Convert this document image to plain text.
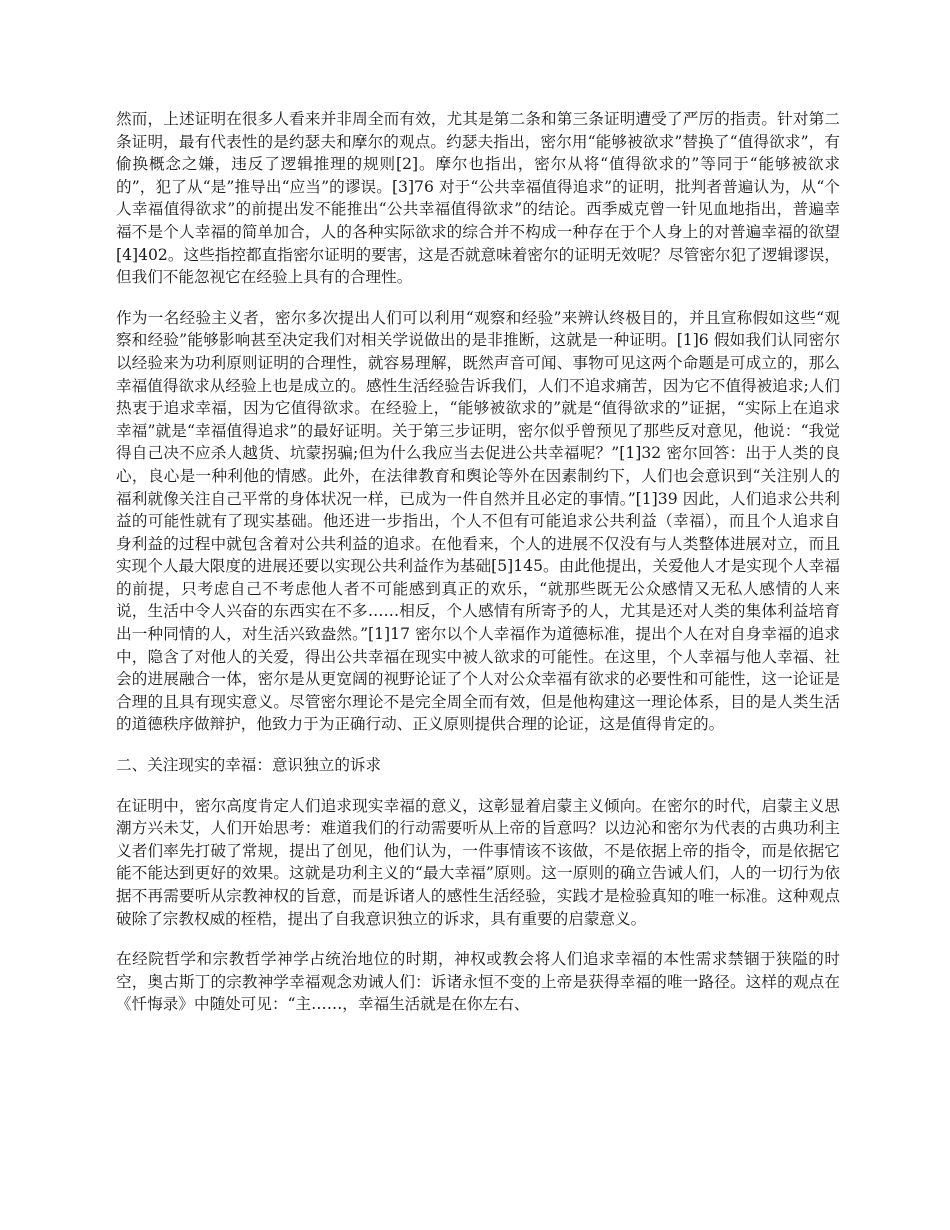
然而，上述证明在很多人看来并非周全而有效，尤其是第二条和第三条证明遭受了严厉的指责。针对第二条证明，最有代表性的是约瑟夫和摩尔的观点。约瑟夫指出，密尔用“能够被欲求”替换了“值得欲求”，有偷换概念之嫌，违反了逻辑推理的规则[2]。摩尔也指出，密尔从将“值得欲求的”等同于“能够被欲求的”，犯了从“是”推导出“应当”的谬误。[3]76 对于“公共幸福值得追求”的证明，批判者普遍认为，从“个人幸福值得欲求”的前提出发不能推出“公共幸福值得欲求”的结论。西季威克曾一针见血地指出，普遍幸福不是个人幸福的简单加合，人的各种实际欲求的综合并不构成一种存在于个人身上的对普遍幸福的欲望[4]402。这些指控都直指密尔证明的要害，这是否就意味着密尔的证明无效呢？尽管密尔犯了逻辑谬误，但我们不能忽视它在经验上具有的合理性。

作为一名经验主义者，密尔多次提出人们可以利用“观察和经验”来辨认终极目的，并且宣称假如这些“观察和经验”能够影响甚至决定我们对相关学说做出的是非推断，这就是一种证明。[1]6 假如我们认同密尔以经验来为功利原则证明的合理性，就容易理解，既然声音可闻、事物可见这两个命题是可成立的，那么幸福值得欲求从经验上也是成立的。感性生活经验告诉我们，人们不追求痛苦，因为它不值得被追求;人们热衷于追求幸福，因为它值得欲求。在经验上，“能够被欲求的”就是“值得欲求的”证据，“实际上在追求幸福”就是“幸福值得追求”的最好证明。关于第三步证明，密尔似乎曾预见了那些反对意见，他说：“我觉得自己决不应杀人越货、坑蒙拐骗;但为什么我应当去促进公共幸福呢？”[1]32 密尔回答：出于人类的良心，良心是一种利他的情感。此外，在法律教育和舆论等外在因素制约下，人们也会意识到“关注别人的福利就像关注自己平常的身体状况一样，已成为一件自然并且必定的事情。”[1]39 因此，人们追求公共利益的可能性就有了现实基础。他还进一步指出，个人不但有可能追求公共利益（幸福），而且个人追求自身利益的过程中就包含着对公共利益的追求。在他看来，个人的进展不仅没有与人类整体进展对立，而且实现个人最大限度的进展还要以实现公共利益作为基础[5]145。由此他提出，关爱他人才是实现个人幸福的前提，只考虑自己不考虑他人者不可能感到真正的欢乐，“就那些既无公众感情又无私人感情的人来说，生活中令人兴奋的东西实在不多……相反，个人感情有所寄予的人，尤其是还对人类的集体利益培育出一种同情的人，对生活兴致盎然。”[1]17 密尔以个人幸福作为道德标准，提出个人在对自身幸福的追求中，隐含了对他人的关爱，得出公共幸福在现实中被人欲求的可能性。在这里，个人幸福与他人幸福、社会的进展融合一体，密尔是从更宽阔的视野论证了个人对公众幸福有欲求的必要性和可能性，这一论证是合理的且具有现实意义。尽管密尔理论不是完全周全而有效，但是他构建这一理论体系，目的是人类生活的道德秩序做辩护，他致力于为正确行动、正义原则提供合理的论证，这是值得肯定的。

二、关注现实的幸福：意识独立的诉求

在证明中，密尔高度肯定人们追求现实幸福的意义，这彰显着启蒙主义倾向。在密尔的时代，启蒙主义思潮方兴未艾，人们开始思考：难道我们的行动需要听从上帝的旨意吗？以边沁和密尔为代表的古典功利主义者们率先打破了常规，提出了创见，他们认为，一件事情该不该做，不是依据上帝的指令，而是依据它能不能达到更好的效果。这就是功利主义的“最大幸福”原则。这一原则的确立告诫人们，人的一切行为依据不再需要听从宗教神权的旨意，而是诉诸人的感性生活经验，实践才是检验真知的唯一标准。这种观点破除了宗教权威的桎梏，提出了自我意识独立的诉求，具有重要的启蒙意义。

在经院哲学和宗教哲学神学占统治地位的时期，神权或教会将人们追求幸福的本性需求禁锢于狭隘的时空，奥古斯丁的宗教神学幸福观念劝诫人们：诉诸永恒不变的上帝是获得幸福的唯一路径。这样的观点在《忏悔录》中随处可见：“主……，幸福生活就是在你左右、
